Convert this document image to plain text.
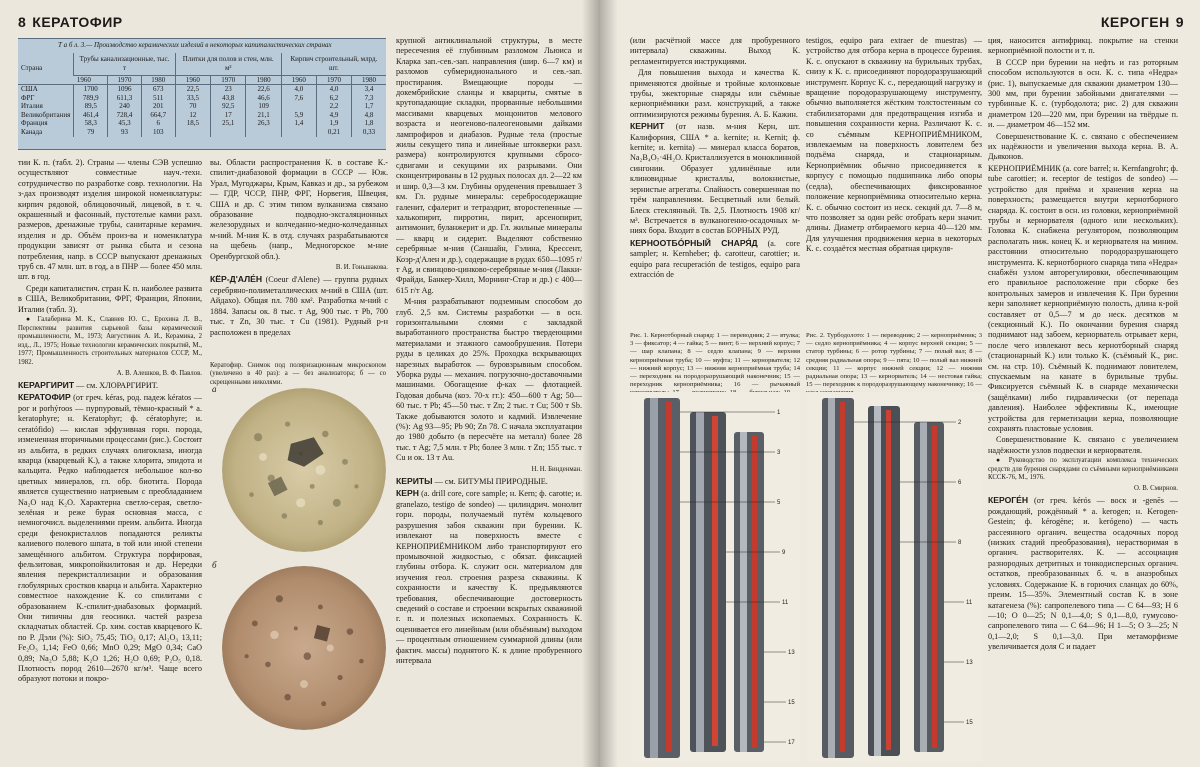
8 КЕРАТОФИР
Т а б л. 3.— Производство керамических изделий в некоторых капиталистических странах
Страна	Трубы канализационные, тыс. т			Плитки для полов и стен, млн. м²			Кирпич строительный, млрд. шт.		
	1960	1970	1980	1960	1970	1980	1960	1970	1980
США	1700	1096	673	22,5	23	22,6	4,0	4,0	3,4
ФРГ	789,9	611,3	511	33,5	43,8	46,6	7,6	6,2	7,3
Италия	89,5	240	201	70	92,5	109		2,2	1,7
Великобритания	461,4	728,4	664,7	12	17	21,1	5,9	4,9	4,8
Франция	58,3	45,3	6	18,5	25,1	26,3	1,4	1,9	1,8
Канада	79	93	103					0,21	0,33

тии К. п. (табл. 2). Страны — члены СЭВ успешно осуществляют совместные науч.-техн. сотрудничество по разработке совр. технологии. На з-дах производят изделия широкой номенклатуры: кирпич рядовой, облицовочный, лицевой, в т. ч. окрашенный и фасонный, пустотелые камни разл. размеров, дренажные трубы, санитарные керамич. изделия и др. Объём произ-ва и номенклатура продукции зависят от рынка сбыта и сезона потребления, напр. в СССР выпускают дренажных труб св. 47 млн. шт. в год, а в ПНР — более 450 млн. шт. в год.

Среди капиталистич. стран К. п. наиболее развита в США, Великобритании, ФРГ, Франции, Японии, Италии (табл. 3).

● Галаберина М. К., Славнев Ю. С., Ерохина Л. В., Перспективы развития сырьевой базы керамической промышленности, М., 1973; Августиник А. И., Керамика, 2 изд., Л., 1975; Новые технологии керамических покрытий, М., 1977; Промышленность строительных материалов СССР, М., 1982.

А. В. Алешков, В. Ф. Павлов.

КЕРАРГИРИТ — см. ХЛОРАРГИРИТ.

КЕРАТОФИР (от греч. kéras, род. падеж kératos — рог и porhýroos — пурпуровый, тёмно-красный * а. keratophyre; н. Keratophyr; ф. cératophyre; и. ceratófido) — кислая эффузивная горн. порода, измененная вторичными процессами (рис.). Состоит из альбита, в редких случаях олигоклаза, иногда кварца (кварцевый К.), а также хлорита, эпидота и кальцита. Редко наблюдается небольшое кол-во цветных минералов, гл. обр. биотита. Порода является существенно натриевым с преобладанием Na₂O над K₂O. Характерна светло-серая, светло-зелёная и реже бурая основная масса, с немногочисл. выделениями преим. альбита. Иногда среди фенокристаллов попадаются реликты калиевого полевого шпата, в той или иной степени замещённого альбитом. Структура порфировая, фельзитовая, микропойкилитовая и др. Нередки явления перекристаллизации и образования глобулярных сростков кварца и альбита. Характерно совместное нахождение К. со спилитами с образованием К.-спилит-диабазовых формаций. Они типичны для геосинкл. частей разреза складчатых областей. Ср. хим. состав кварцевого К. по Р. Дэли (%): SiO₂ 75,45; TiO₂ 0,17; Al₂O₃ 13,11; Fe₂O₃ 1,14; FeO 0,66; MnO 0,29; MgO 0,34; CaO 0,89; Na₂O 5,88; K₂O 1,26; H₂O 0,69; P₂O₅ 0,18. Плотность пород 2610—2670 кг/м³. Чаще всего образуют потоки и покро-

вы. Области распространения К. в составе К.-спилит-диабазовой формации в СССР — Юж. Урал, Мугоджары, Крым, Кавказ и др., за рубежом — ГДР, ЧССР, ПНР, ФРГ, Норвегия, Швеция, США и др. С этим типом вулканизма связано образование подводно-эксгаляционных железорудных и колчеданно-медно-колчеданных м-ний. М-ния К. в отд. случаях разрабатываются на щебень (напр., Медногорское м-ние Оренбургской обл.).

В. И. Гоньшакова.

КЁР-Д'АЛЕ́Н (Coeur d'Alene) — группа рудных серебряно-полиметаллических м-ний в США (шт. Айдахо). Общая пл. 780 км². Разработка м-ний с 1884. Запасы ок. 8 тыс. т Ag, 900 тыс. т Pb, 700 тыс. т Zn, 30 тыс. т Cu (1981). Рудный р-н расположен в пределах

Кератофир. Снимок под поляризационным микроскопом (увеличено в 40 раз): а — без анализатора; б — со скрещенными николями.
а
б
КЕРОГЕН 9

(или расчётной массе для пробуренного интервала) скважины. Выход К. регламентируется инструкциями.

Для повышения выхода и качества К. применяются двойные и тройные колонковые трубы, эжекторные снаряды или съёмные керноприёмники разл. конструкций, а также оптимизируются режимы бурения. А. Б. Кажин.

КЕРНИТ (от назв. м-ния Керн, шт. Калифорния, США * а. kernite; н. Kernit; ф. kernite; и. kernita) — минерал класса боратов, Na₂B₄O₇·4H₂O. Кристаллизуется в моноклинной сингонии. Образует удлинённые или клиновидные кристаллы, волокнистые, зернистые агрегаты. Спайность совершенная по трём направлениям. Бесцветный или белый. Блеск стеклянный. Тв. 2,5. Плотность 1908 кг/м³. Встречается в вулканогенно-осадочных м-ниях бора. Входит в состав БОРНЫХ РУД.

КЕРНООТБО́РНЫЙ СНАРЯ́Д (а. core sampler; н. Kernheber; ф. carotteur, carottier; и. equipo para recuperación de testigos, equipo para extracción de

testigos, equipo para extraer de muestras) — устройство для отбора керна в процессе бурения. К. с. опускают в скважину на бурильных трубах, снизу к К. с. присоединяют породоразрушающий инструмент. Корпус К. с., передающий нагрузку и вращение породоразрушающему инструменту, обычно выполняется жёстким толстостенным со стабилизаторами для предотвращения изгиба и повышения сохранности керна. Различают К. с. со съёмным КЕРНОПРИЁМНИКОМ, извлекаемым на поверхность ловителем без подъёма снаряда, и стационарным. Керноприёмник обычно присоединяется к корпусу с помощью подшипника либо опоры (седла), обеспечивающих фиксированное положение керноприёмника относительно керна. К. с. обычно состоит из неск. секций дл. 7—8 м, что позволяет за один рейс отобрать керн значит. длины. Диаметр отбираемого керна 40—120 мм. Для улучшения продвижения керна в некоторых К. с. создаётся местная обратная циркуля-

Рис. 1. Кернотборный снаряд: 1 — переводник; 2 — втулка; 3 — фиксатор; 4 — гайка; 5 — винт; 6 — верхний корпус; 7 — шар клапана; 8 — седло клапана; 9 — верхняя керноприёмная труба; 10 — муфта; 11 — кернорвателя; 12 — нижний корпус; 13 — нижняя керноприёмная труба; 14 — переходник на породоразрушающий наконечник; 15 — переходник керноприёмника; 16 — рычажный
Рис. 2. Турбодолото: 1 — переводник; 2 — керноприёмник; 3 — седло керноприёмника; 4 — корпус верхней секции; 5 — статор турбины; 6 — ротор турбины; 7 — полый вал; 8 — средняя радиальная опора; 9 — пята; 10 — полый вал нижней секции; 11 — корпус нижней секции; 12 — нижняя радиальная опора; 13 — кернорватель; 14 — нестовая гайка; 15 — переходник к породоразрушающему наконечнику; 16 —
1
3
5
9
11
13
15
17
2
6
8
11
13
15

ция, наносится антифрикц. покрытие на стенки керноприёмной полости и т. п.

В СССР при бурении на нефть и газ роторным способом используются в осн. К. с. типа «Недра» (рис. 1), выпускаемые для скважин диаметром 130—300 мм, при бурении забойными двигателями — турбинные К. с. (турбодолота; рис. 2) для скважин диаметром 120—220 мм, при бурении на твёрдые п. и. — диаметром 46—152 мм.

Совершенствование К. с. связано с обеспечением их надёжности и увеличения выхода керна. В. А. Дьяконов.

КЕРНОПРИЁМНИК (а. core barrel; н. Kernfangrohr; ф. tube carottier; и. receptor de testigos de sondeo) — устройство для приёма и хранения керна на поверхность; размещается внутри кернотборного снаряда. К. состоит в осн. из головки, керноприёмной трубы и кернорвателя (одного или нескольких). Головка К. снабжена регулятором, позволяющим располагать ниж. конец К. и кернорвателя на миним. расстоянии относительно породоразрушающего инструмента. К. кернотборного снаряда типа «Недра» снабжён узлом авторегулировки, обеспечивающим его правильное расположение при сборке без контрольных замеров и извлечения К. При бурении керн заполняет керноприёмную полость, длина к-рой составляет от 0,5—7 м до неск. десятков м (секционный К.). По окончании бурения снаряд поднимают над забоем, кернорватель отрывает керн, после чего извлекают весь кернотборный снаряд (стационарный К.) или только К. (съёмный К., рис. см. на стр. 10). Съёмный К. поднимают ловителем, спускаемым на канате в бурильные трубы. Фиксируется съёмный К. в снаряде механически (защёлками) либо гидравлически (от перепада давления). Наиболее эффективны К., имеющие устройства для герметизации керна, позволяющие сохранять пластовые условия.

Совершенствование К. связано с увеличением надёжности узлов подвески и кернорвателя.

● Руководство по эксплуатации комплекса технических средств для бурения снарядами со съёмными керноприёмниками КССК-76, М., 1976.

О. В. Смирнов.

КЕРОГЕ́Н (от греч. kérós — воск и -genēs — рождающий, рождённый * а. kerogen; н. Kerogen-Gestein; ф. kérogène; и. kerógeno) — часть рассеянного органич. вещества осадочных пород (низких стадий преобразования), нерастворимая в органич. растворителях. К. — ассоциация разнородных детритных и тонкодисперсных органич. остатков, преобразованных б. ч. в анаэробных условиях. Содержание К. в горючих сланцах до 60%, преим. 15—35%. Элементный состав К. в зоне катагенеза (%): сапропелевого типа — С 64—93; Н 6—10; О 0—25; N 0,1—4,0; S 0,1—8,0, гумусово-сапропелевого типа — С 64—96; Н 1—5; О 3—25; N 0,1—2,0; S 0,1—3,0. При метаморфизме увеличивается доля С и падает

крупной антиклинальной структуры, в месте пересечения её глубинным разломом Льюиса и Кларка зап.-сев.-зап. направления (шир. 6—7 км) и разломов субмеридионального и сев.-зап. простирания. Вмещающие породы — докембрийские сланцы и кварциты, смятые в крутопадающие складки, прорванные небольшими массивами кварцевых монцонитов мелового возраста и неогеново-палеогеновыми дайками лампрофиров и диабазов. Рудные тела (простые жилы секущего типа и линейные штокверки разл. размера) контролируются крупными сбросо-сдвигами и секущими их разрывами. Они сконцентрированы в 12 рудных полосах дл. 2—22 км и шир. 0,3—3 км. Глубины оруденения превышает 3 км. Гл. рудные минералы: серебросодержащие галенит, сфалерит и тетраэдрит, второстепенные — халькопирит, пирротин, пирит, арсенопирит, антимонит, буланжерит и др. Гл. жильные минералы — кварц и сидерит. Выделяют собственно серебряные м-ния (Саншайн, Гэлина, Крессент, Коэр-д'Ален и др.), содержащие в рудах 650—1095 г/т Ag, и свинцово-цинково-серебряные м-ния (Лакки-Фрайди, Банкер-Хилл, Морнинг-Стар и др.) с 400—615 г/т Ag.

М-ния разрабатывают подземным способом до глуб. 2,5 км. Системы разработки — в осн. горизонтальными слоями с закладкой выработанного пространства быстро твердеющими материалами и этажного самообрушения. Потери руды в целиках до 25%. Проходка вскрывающих нарезных выработок — буровзрывным способом. Уборка руды — механич. погрузочно-доставочными машинами. Обогащение ф-ках — флотацией. Годовая добыча (коэ. 70-х гг.): 450—600 т Ag; 50—60 тыс. т Pb; 45—50 тыс. т Zn; 2 тыс. т Cu; 500 т Sb. Также добываются золото и кадмий. Извлечение (%): Ag 93—95; Pb 90; Zn 78. С начала эксплуатации до 1980 добыто (в пересчёте на металл) более 28 тыс. т Ag; 7,5 млн. т Pb; более 3 млн. т Zn; 155 тыс. т Cu и ок. 13 т Au.

Н. Н. Бинденман.

КЕРИТЫ — см. БИТУМЫ ПРИРОДНЫЕ.

КЕРН (а. drill core, core sample; н. Kern; ф. carotte; и. granelazo, testigo de sondeo) — цилиндрич. монолит горн. породы, получаемый путём кольцевого разрушения забоя скважин при бурении. К. извлекают на поверхность вместе с КЕРНОПРИЁМНИКОМ либо транспортируют его промывочной жидкостью, с обязат. фиксацией глубины отбора. К. служит осн. материалом для изучения геол. строения разреза скважины. К сохранности и качеству К. предъявляются требования, обеспечивающие достоверность сведений о составе и строении вскрытых скважиной г. п. и полезных ископаемых. Сохранность К. оценивается его линейным (или объёмным) выходом — процентным отношением суммарной длины (или фактич. массы) поднятого К. к длине пробуренного интервала
